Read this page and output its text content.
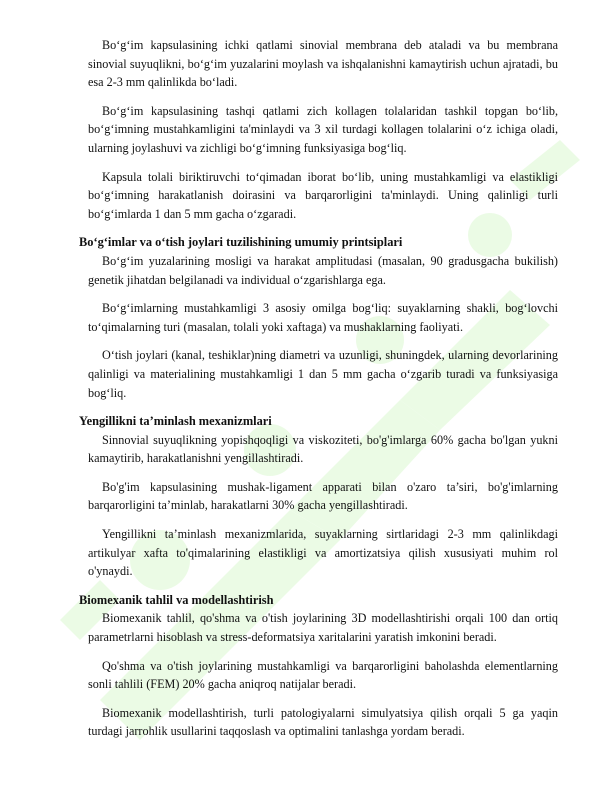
Bo‘g‘im kapsulasining ichki qatlami sinovial membrana deb ataladi va bu membrana sinovial suyuqlikni, bo‘g‘im yuzalarini moylash va ishqalanishni kamaytirish uchun ajratadi, bu esa 2-3 mm qalinlikda bo‘ladi.

Bo‘g‘im kapsulasining tashqi qatlami zich kollagen tolalaridan tashkil topgan bo‘lib, bo‘g‘imning mustahkamligini ta'minlaydi va 3 xil turdagi kollagen tolalarini o‘z ichiga oladi, ularning joylashuvi va zichligi bo‘g‘imning funksiyasiga bog‘liq.

Kapsula tolali biriktiruvchi to‘qimadan iborat bo‘lib, uning mustahkamligi va elastikligi bo‘g‘imning harakatlanish doirasini va barqarorligini ta'minlaydi. Uning qalinligi turli bo‘g‘imlarda 1 dan 5 mm gacha o‘zgaradi.

Bo‘g‘imlar va o‘tish joylari tuzilishining umumiy printsiplari

Bo‘g‘im yuzalarining mosligi va harakat amplitudasi (masalan, 90 gradusgacha bukilish) genetik jihatdan belgilanadi va individual o‘zgarishlarga ega.

Bo‘g‘imlarning mustahkamligi 3 asosiy omilga bog‘liq: suyaklarning shakli, bog‘lovchi to‘qimalarning turi (masalan, tolali yoki xaftaga) va mushaklarning faoliyati.

O‘tish joylari (kanal, teshiklar)ning diametri va uzunligi, shuningdek, ularning devorlarining qalinligi va materialining mustahkamligi 1 dan 5 mm gacha o‘zgarib turadi va funksiyasiga bog‘liq.

Yengillikni ta’minlash mexanizmlari

Sinnovial suyuqlikning yopishqoqligi va viskoziteti, bo'g'imlarga 60% gacha bo'lgan yukni kamaytirib, harakatlanishni yengillashtiradi.

Bo'g'im kapsulasining mushak-ligament apparati bilan o'zaro ta’siri, bo'g'imlarning barqarorligini ta’minlab, harakatlarni 30% gacha yengillashtiradi.

Yengillikni ta’minlash mexanizmlarida, suyaklarning sirtlaridagi 2-3 mm qalinlikdagi artikulyar xafta to'qimalarining elastikligi va amortizatsiya qilish xususiyati muhim rol o'ynaydi.

Biomexanik tahlil va modellashtirish

Biomexanik tahlil, qo'shma va o'tish joylarining 3D modellashtirishi orqali 100 dan ortiq parametrlarni hisoblash va stress-deformatsiya xaritalarini yaratish imkonini beradi.

Qo'shma va o'tish joylarining mustahkamligi va barqarorligini baholashda elementlarning sonli tahlili (FEM) 20% gacha aniqroq natijalar beradi.

Biomexanik modellashtirish, turli patologiyalarni simulyatsiya qilish orqali 5 ga yaqin turdagi jarrohlik usullarini taqqoslash va optimalini tanlashga yordam beradi.
